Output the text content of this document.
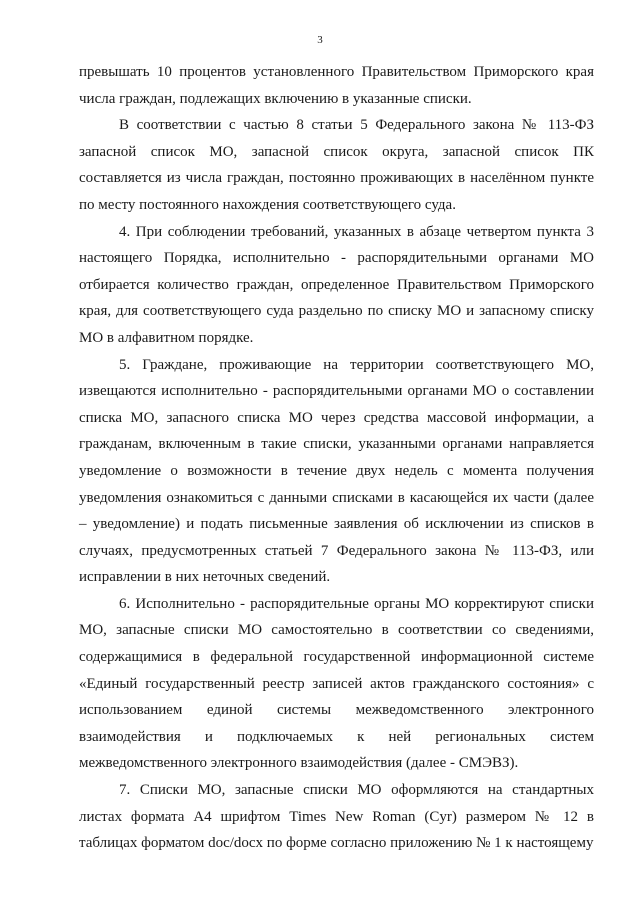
3

превышать 10 процентов установленного Правительством Приморского края числа граждан, подлежащих включению в указанные списки.

В соответствии с частью 8 статьи 5 Федерального закона № 113-ФЗ запасной список МО, запасной список округа, запасной список ПК составляется из числа граждан, постоянно проживающих в населённом пункте по месту постоянного нахождения соответствующего суда.

4. При соблюдении требований, указанных в абзаце четвертом пункта 3 настоящего Порядка, исполнительно - распорядительными органами МО отбирается количество граждан, определенное Правительством Приморского края, для соответствующего суда раздельно по списку МО и запасному списку МО в алфавитном порядке.

5. Граждане, проживающие на территории соответствующего МО, извещаются исполнительно - распорядительными органами МО о составлении списка МО, запасного списка МО через средства массовой информации, а гражданам, включенным в такие списки, указанными органами направляется уведомление о возможности в течение двух недель с момента получения уведомления ознакомиться с данными списками в касающейся их части (далее – уведомление) и подать письменные заявления об исключении из списков в случаях, предусмотренных статьей 7 Федерального закона № 113-ФЗ, или исправлении в них неточных сведений.

6. Исполнительно - распорядительные органы МО корректируют списки МО, запасные списки МО самостоятельно в соответствии со сведениями, содержащимися в федеральной государственной информационной системе «Единый государственный реестр записей актов гражданского состояния» с использованием единой системы межведомственного электронного взаимодействия и подключаемых к ней региональных систем межведомственного электронного взаимодействия (далее - СМЭВЗ).

7. Списки МО, запасные списки МО оформляются на стандартных листах формата А4 шрифтом Times New Roman (Cyr) размером № 12 в таблицах форматом doc/docx по форме согласно приложению № 1 к настоящему
